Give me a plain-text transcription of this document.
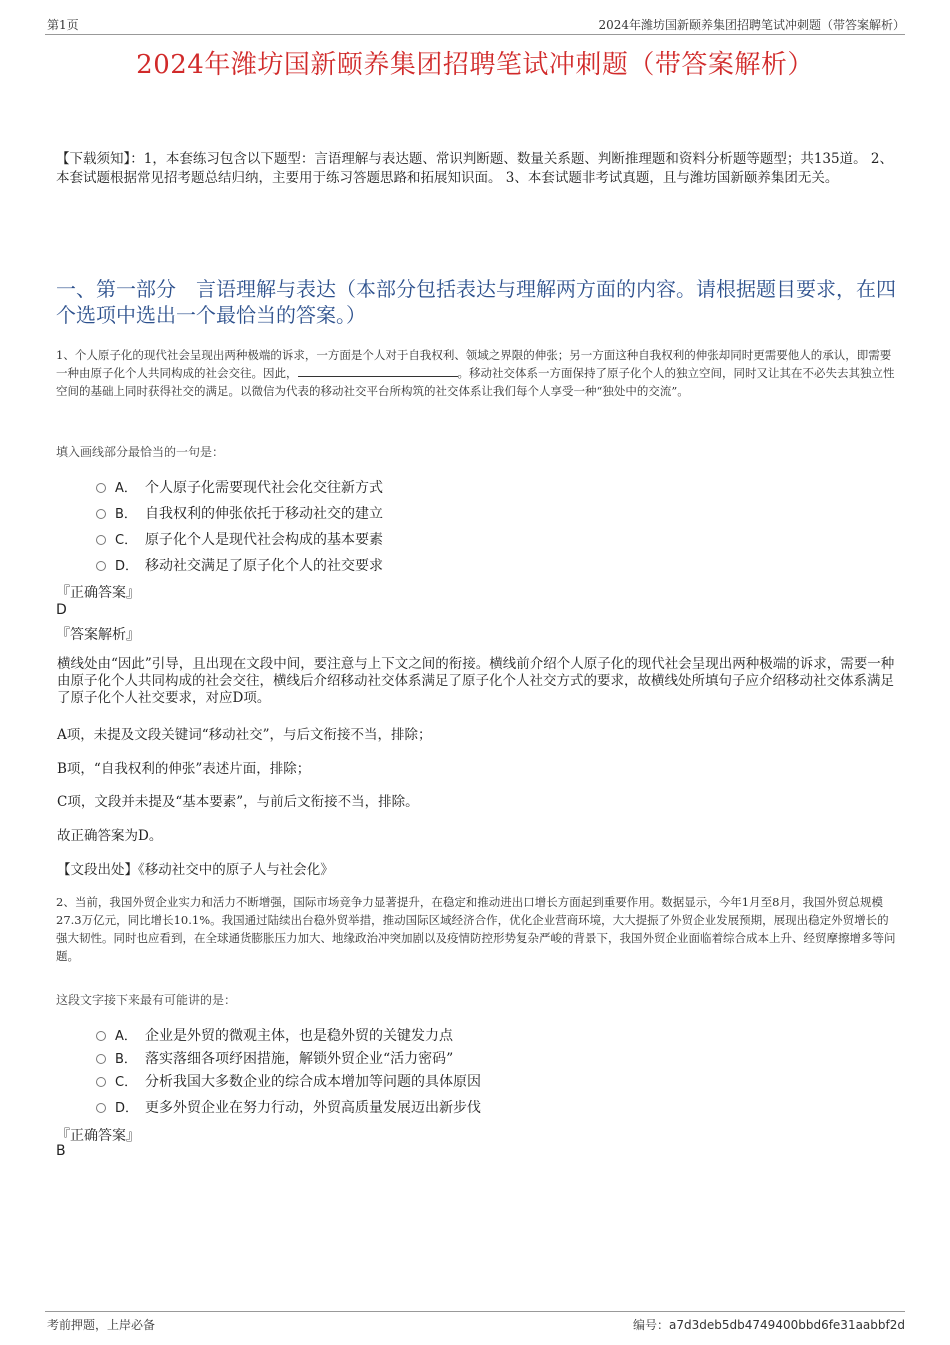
第1页	2024年潍坊国新颐养集团招聘笔试冲刺题（带答案解析）
2024年潍坊国新颐养集团招聘笔试冲刺题（带答案解析）
【下载须知】：1，本套练习包含以下题型：言语理解与表达题、常识判断题、数量关系题、判断推理题和资料分析题等题型；共135道。 2、本套试题根据常见招考题总结归纳，主要用于练习答题思路和拓展知识面。 3、本套试题非考试真题，且与潍坊国新颐养集团无关。
一、第一部分　言语理解与表达（本部分包括表达与理解两方面的内容。请根据题目要求，在四个选项中选出一个最恰当的答案。）
1、个人原子化的现代社会呈现出两种极端的诉求，一方面是个人对于自我权利、领域之界限的伸张；另一方面这种自我权利的伸张却同时更需要他人的承认，即需要一种由原子化个人共同构成的社会交往。因此，	。移动社交体系一方面保持了原子化个人的独立空间，同时又让其在不必失去其独立性空间的基础上同时获得社交的满足。以微信为代表的移动社交平台所构筑的社交体系让我们每个人享受一种“独处中的交流”。
填入画线部分最恰当的一句是：
A． 个人原子化需要现代社会化交往新方式
B． 自我权利的伸张依托于移动社交的建立
C． 原子化个人是现代社会构成的基本要素
D． 移动社交满足了原子化个人的社交要求
『正确答案』
D
『答案解析』
横线处由“因此”引导，且出现在文段中间，要注意与上下文之间的衔接。横线前介绍个人原子化的现代社会呈现出两种极端的诉求，需要一种由原子化个人共同构成的社会交往，横线后介绍移动社交体系满足了原子化个人社交方式的要求，故横线处所填句子应介绍移动社交体系满足了原子化个人社交要求，对应D项。
A项，未提及文段关键词“移动社交”，与后文衔接不当，排除；
B项，“自我权利的伸张”表述片面，排除；
C项，文段并未提及“基本要素”，与前后文衔接不当，排除。
故正确答案为D。
【文段出处】《移动社交中的原子人与社会化》
2、当前，我国外贸企业实力和活力不断增强，国际市场竞争力显著提升，在稳定和推动进出口增长方面起到重要作用。数据显示，今年1月至8月，我国外贸总规模27.3万亿元，同比增长10.1%。我国通过陆续出台稳外贸举措，推动国际区域经济合作，优化企业营商环境，大大提振了外贸企业发展预期，展现出稳定外贸增长的强大韧性。同时也应看到，在全球通货膨胀压力加大、地缘政治冲突加剧以及疫情防控形势复杂严峻的背景下，我国外贸企业面临着综合成本上升、经贸摩擦增多等问题。
这段文字接下来最有可能讲的是：
A． 企业是外贸的微观主体，也是稳外贸的关键发力点
B． 落实落细各项纾困措施，解锁外贸企业“活力密码”
C． 分析我国大多数企业的综合成本增加等问题的具体原因
D． 更多外贸企业在努力行动，外贸高质量发展迈出新步伐
『正确答案』
B
考前押题，上岸必备	编号：a7d3deb5db4749400bbd6fe31aabbf2d
